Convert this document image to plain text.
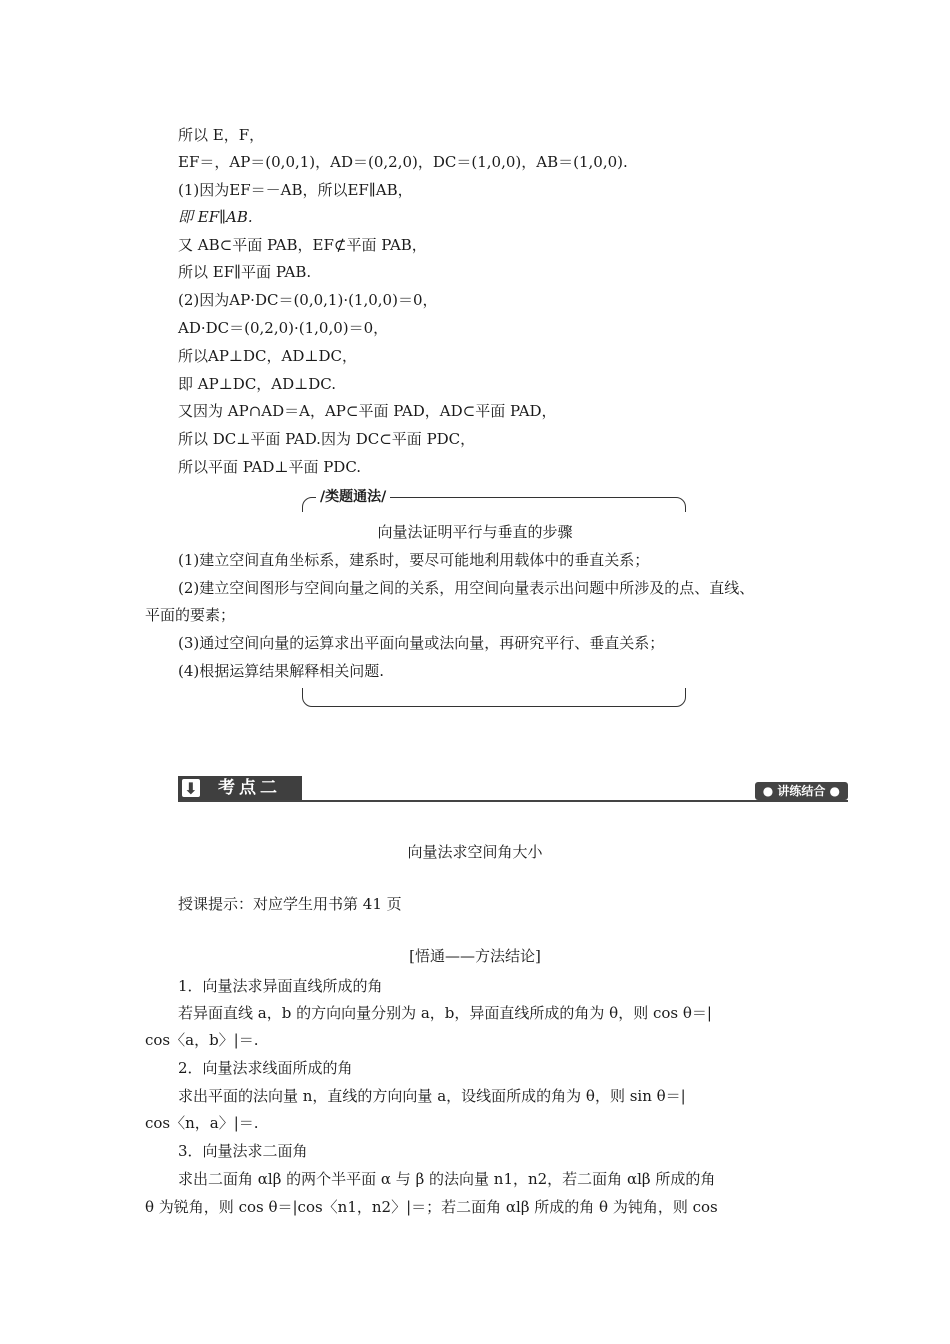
所以 E，F，
EF＝，AP＝(0,0,1)，AD＝(0,2,0)，DC＝(1,0,0)，AB＝(1,0,0).
(1)因为EF＝－AB，所以EF∥AB，
即 EF∥AB.
又 AB⊂平面 PAB，EF⊄平面 PAB，
所以 EF∥平面 PAB.
(2)因为AP·DC＝(0,0,1)·(1,0,0)＝0，
AD·DC＝(0,2,0)·(1,0,0)＝0，
所以AP⊥DC，AD⊥DC，
即 AP⊥DC，AD⊥DC.
又因为 AP∩AD＝A，AP⊂平面 PAD，AD⊂平面 PAD，
所以 DC⊥平面 PAD.因为 DC⊂平面 PDC，
所以平面 PAD⊥平面 PDC.
/类题通法/
向量法证明平行与垂直的步骤
(1)建立空间直角坐标系，建系时，要尽可能地利用载体中的垂直关系；
(2)建立空间图形与空间向量之间的关系，用空间向量表示出问题中所涉及的点、直线、
平面的要素；
(3)通过空间向量的运算求出平面向量或法向量，再研究平行、垂直关系；
(4)根据运算结果解释相关问题.
⬇ 考点二	● 讲练结合 ●
向量法求空间角大小
授课提示：对应学生用书第 41 页
[悟通——方法结论]
1．向量法求异面直线所成的角
若异面直线 a，b 的方向向量分别为 a，b，异面直线所成的角为 θ，则 cos θ＝|
cos〈a，b〉|＝.
2．向量法求线面所成的角
求出平面的法向量 n，直线的方向向量 a，设线面所成的角为 θ，则 sin θ＝|
cos〈n，a〉|＝.
3．向量法求二面角
求出二面角 αlβ 的两个半平面 α 与 β 的法向量 n1，n2，若二面角 αlβ 所成的角
θ 为锐角，则 cos θ＝|cos〈n1，n2〉|＝；若二面角 αlβ 所成的角 θ 为钝角，则 cos
